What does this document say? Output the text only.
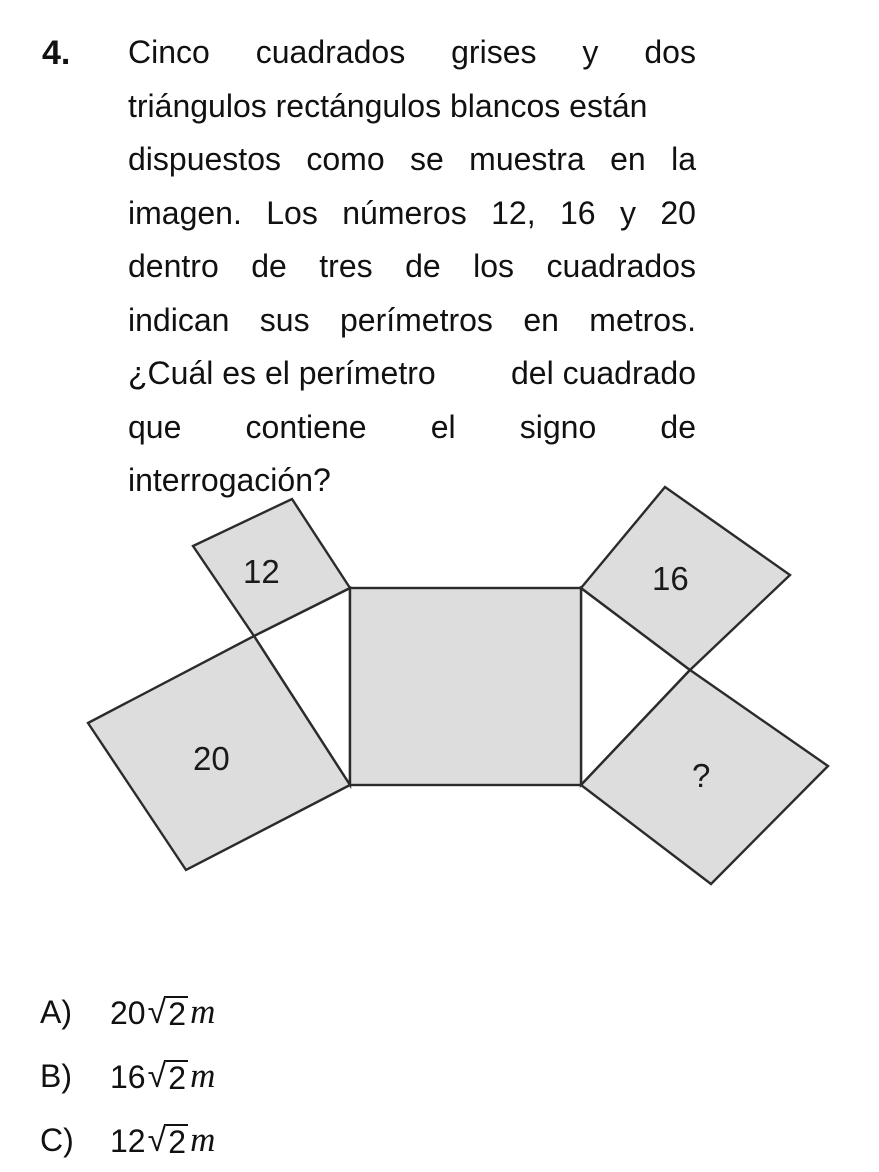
4. Cinco cuadrados grises y dos
triángulos rectángulos blancos están
dispuestos como se muestra en la
imagen. Los números 12, 16 y 20
dentro de tres de los cuadrados
indican sus perímetros en metros.
¿Cuál es el perímetro del cuadrado
que contiene el signo de
interrogación?
12	16
20	?
A)	20 √ 2 m
B)	16 √ 2 m
C)	12 √ 2 m
